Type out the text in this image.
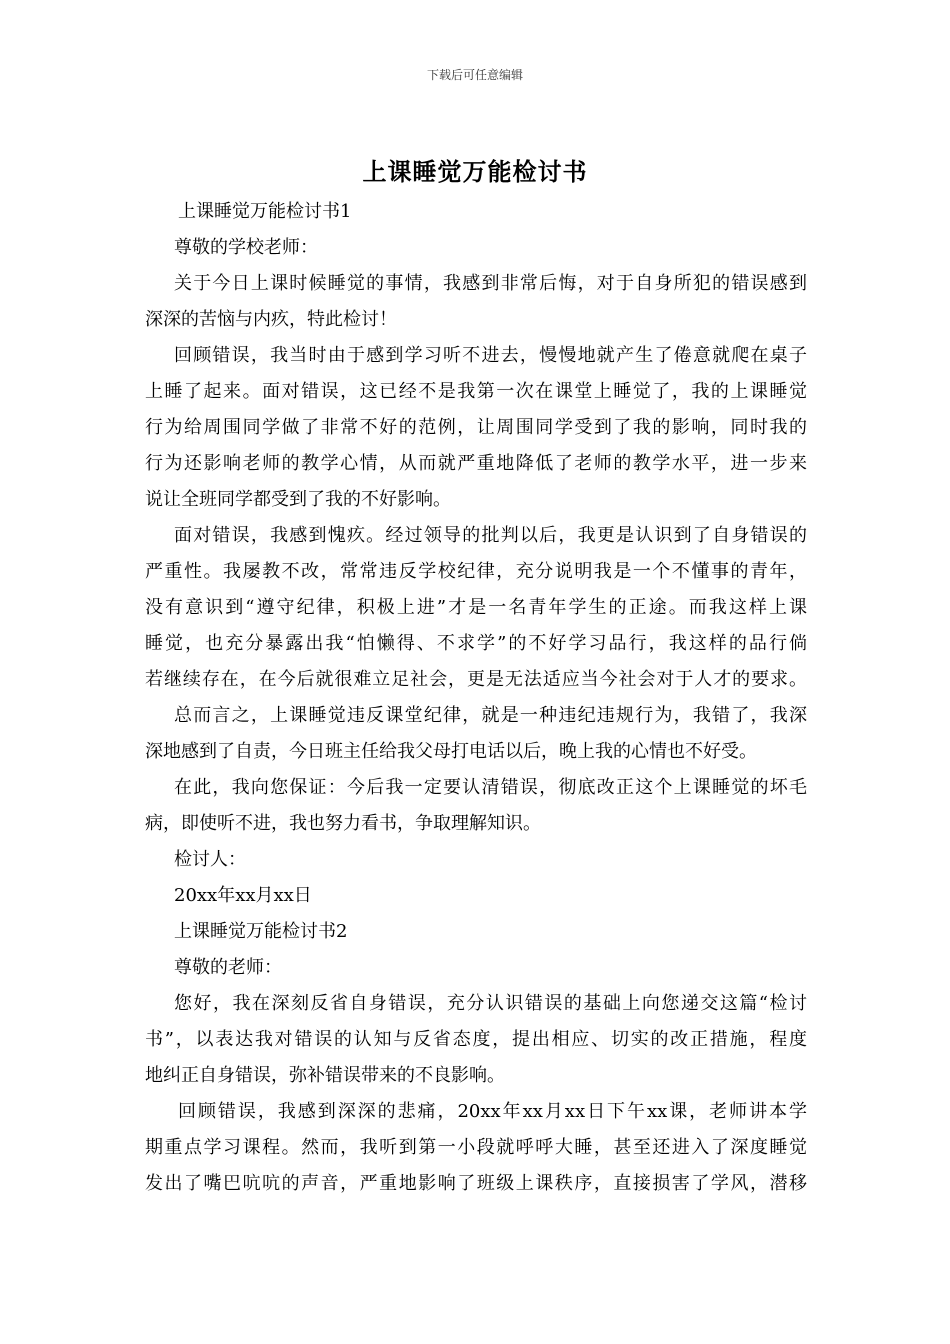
下载后可任意编辑
上课睡觉万能检讨书
上课睡觉万能检讨书1
尊敬的学校老师：
关于今日上课时候睡觉的事情，我感到非常后悔，对于自身所犯的错误感到
深深的苦恼与内疚，特此检讨！
回顾错误，我当时由于感到学习听不进去，慢慢地就产生了倦意就爬在桌子
上睡了起来。面对错误，这已经不是我第一次在课堂上睡觉了，我的上课睡觉
行为给周围同学做了非常不好的范例，让周围同学受到了我的影响，同时我的
行为还影响老师的教学心情，从而就严重地降低了老师的教学水平，进一步来
说让全班同学都受到了我的不好影响。
面对错误，我感到愧疚。经过领导的批判以后，我更是认识到了自身错误的
严重性。我屡教不改，常常违反学校纪律，充分说明我是一个不懂事的青年，
没有意识到“遵守纪律，积极上进”才是一名青年学生的正途。而我这样上课
睡觉，也充分暴露出我“怕懒得、不求学”的不好学习品行，我这样的品行倘
若继续存在，在今后就很难立足社会，更是无法适应当今社会对于人才的要求。
总而言之，上课睡觉违反课堂纪律，就是一种违纪违规行为，我错了，我深
深地感到了自责，今日班主任给我父母打电话以后，晚上我的心情也不好受。
在此，我向您保证：今后我一定要认清错误，彻底改正这个上课睡觉的坏毛
病，即使听不进，我也努力看书，争取理解知识。
检讨人：
20xx年xx月xx日
上课睡觉万能检讨书2
尊敬的老师：
您好，我在深刻反省自身错误，充分认识错误的基础上向您递交这篇“检讨
书”，以表达我对错误的认知与反省态度，提出相应、切实的改正措施，程度
地纠正自身错误，弥补错误带来的不良影响。
回顾错误，我感到深深的悲痛，20xx年xx月xx日下午xx课，老师讲本学
期重点学习课程。然而，我听到第一小段就呼呼大睡，甚至还进入了深度睡觉
发出了嘴巴吭吭的声音，严重地影响了班级上课秩序，直接损害了学风，潜移
